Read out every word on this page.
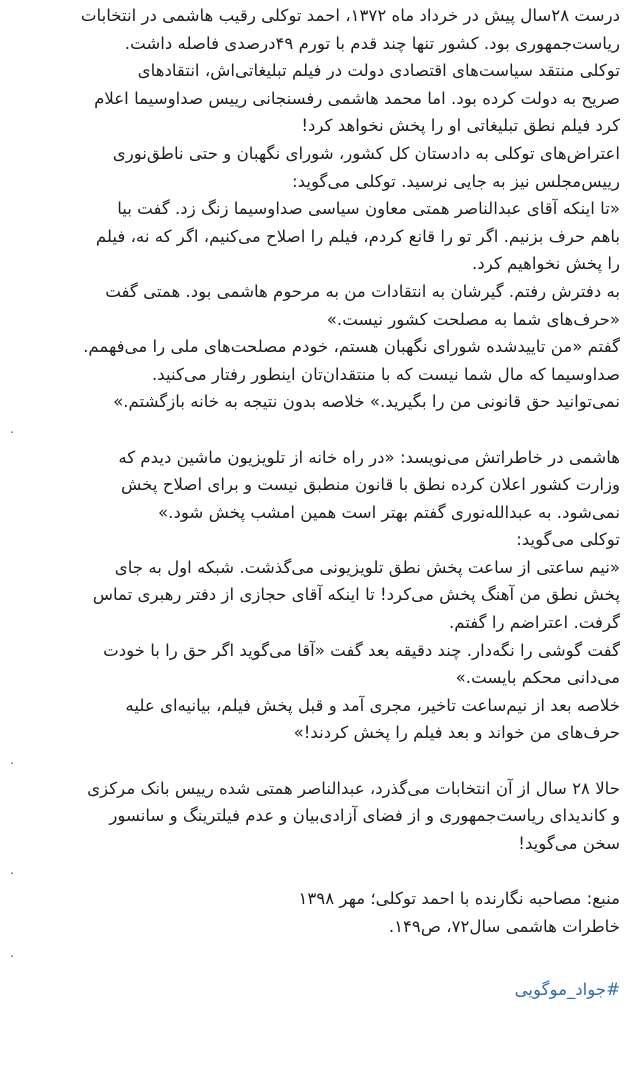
درست ۲۸سال پیش در خرداد ماه ۱۳۷۲، احمد توکلی رقیب هاشمی در انتخابات
ریاست‌جمهوری بود. کشور تنها چند قدم با تورم ۴۹درصدی فاصله داشت.
توکلی منتقد سیاست‌های اقتصادی دولت در فیلم تبلیغاتی‌اش، انتقادهای
صریح به دولت کرده بود. اما محمد هاشمی رفسنجانی رییس صداوسیما اعلام
کرد فیلم نطق تبلیغاتی او را پخش نخواهد کرد!
اعتراض‌های توکلی به دادستان کل کشور، شورای نگهبان و حتی ناطق‌نوری
رییس‌مجلس نیز به جایی نرسید. توکلی می‌گوید:
«تا اینکه آقای عبدالناصر همتی معاون سیاسی صداوسیما زنگ زد. گفت بیا
باهم حرف بزنیم. اگر تو را قانع کردم، فیلم را اصلاح می‌کنیم، اگر که نه، فیلم
را پخش نخواهیم کرد.
به دفترش رفتم. گیرشان به انتقادات من به مرحوم هاشمی بود. همتی گفت
«حرف‌های شما به مصلحت کشور نیست.»
گفتم «من تاییدشده شورای نگهبان هستم، خودم مصلحت‌های ملی را می‌فهمم.
صداوسیما که مال شما نیست که با منتقدان‌تان اینطور رفتار می‌کنید.
نمی‌توانید حق قانونی من را بگیرید.» خلاصه بدون نتیجه به خانه بازگشتم.»
.
هاشمی در خاطراتش می‌نویسد: «در راه خانه از تلویزیون ماشین دیدم که
وزارت کشور اعلان کرده نطق با قانون منطبق نیست و برای اصلاح پخش
نمی‌شود. به عبدالله‌نوری گفتم بهتر است همین امشب پخش شود.»
توکلی می‌گوید:
«نیم ساعتی از ساعت پخش نطق تلویزیونی می‌گذشت. شبکه اول به جای
پخش نطق من آهنگ پخش می‌کرد! تا اینکه آقای حجازی از دفتر رهبری تماس
گرفت. اعتراضم را گفتم.
گفت گوشی را نگه‌دار. چند دقیقه بعد گفت «آقا می‌گوید اگر حق را با خودت
می‌دانی محکم بایست.»
خلاصه بعد از نیم‌ساعت تاخیر، مجری آمد و قبل پخش فیلم، بیانیه‌ای علیه
حرف‌های من خواند و بعد فیلم را پخش کردند!»
.
حالا ۲۸ سال از آن انتخابات می‌گذرد، عبدالناصر همتی شده رییس بانک مرکزی
و کاندیدای ریاست‌جمهوری و از فضای آزادی‌بیان و عدم فیلترینگ و سانسور
سخن می‌گوید!
.
منبع: مصاحبه نگارنده با احمد توکلی؛ مهر ۱۳۹۸
خاطرات هاشمی سال۷۲، ص۱۴۹.
.
#جواد_موگویی
